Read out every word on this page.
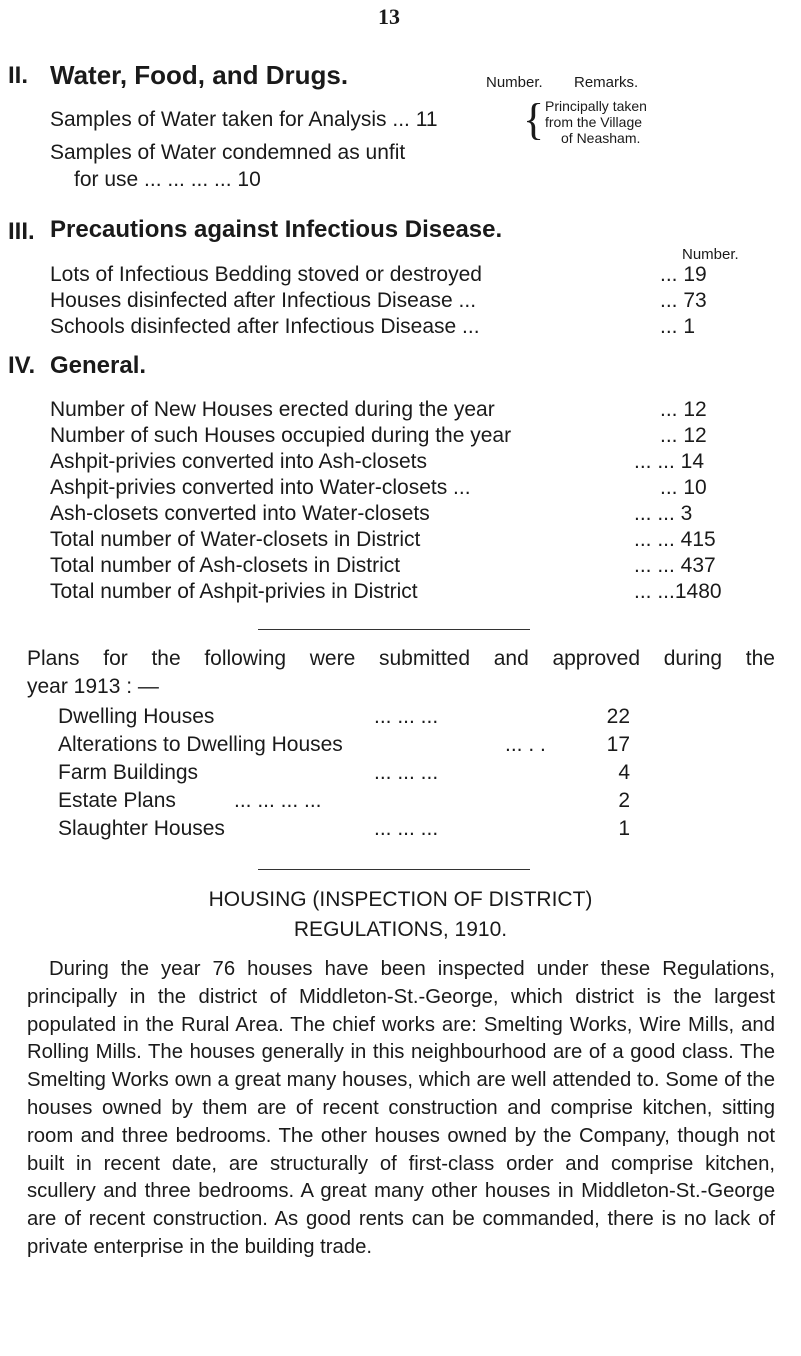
13
II. Water, Food, and Drugs.	Number. Remarks.
Samples of Water taken for Analysis ... 11 { Principally taken
from the Village
of Neasham.
Samples of Water condemned as unfit
for use ... ... ... ... 10
III. Precautions against Infectious Disease.
Number.
Lots of Infectious Bedding stoved or destroyed	... 19
Houses disinfected after Infectious Disease ...	... 73
Schools disinfected after Infectious Disease ...	... 1
IV. General.
Number of New Houses erected during the year	... 12
Number of such Houses occupied during the year	... 12
Ashpit-privies converted into Ash-closets	... ... 14
Ashpit-privies converted into Water-closets ...	... 10
Ash-closets converted into Water-closets	... ... 3
Total number of Water-closets in District	... ... 415
Total number of Ash-closets in District	... ... 437
Total number of Ashpit-privies in District	... ...1480
Plans for the following were submitted and approved during the
year 1913 : —
Dwelling Houses	... ... ...	22
Alterations to Dwelling Houses	... . .	17
Farm Buildings	... ... ...	4
Estate Plans	... ... ... ...	2
Slaughter Houses	... ... ...	1
HOUSING (INSPECTION OF DISTRICT)
REGULATIONS, 1910.
During the year 76 houses have been inspected under these Regulations, principally in the district of Middleton-St.-George, which district is the largest populated in the Rural Area. The chief works are: Smelting Works, Wire Mills, and Rolling Mills. The houses generally in this neighbourhood are of a good class. The Smelting Works own a great many houses, which are well attended to. Some of the houses owned by them are of recent construction and comprise kitchen, sitting room and three bedrooms. The other houses owned by the Company, though not built in recent date, are structurally of first-class order and comprise kitchen, scullery and three bedrooms. A great many other houses in Middleton-St.-George are of recent construction. As good rents can be commanded, there is no lack of private enterprise in the building trade.
